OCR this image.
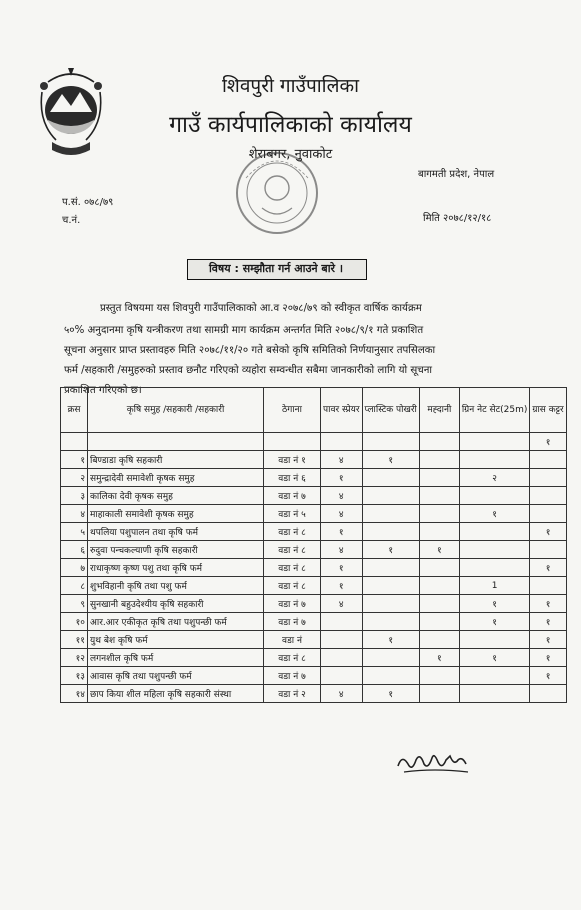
शिवपुरी गाउँपालिका
गाउँ कार्यपालिकाको कार्यालय
शेराबगर, नुवाकोट
बागमती प्रदेश, नेपाल
प.सं. ०७८/७९
च.नं.	मिति २०७८/१२/१८
विषय : सम्झौता गर्न आउने बारे ।
प्रस्तुत विषयमा यस शिवपुरी गाउँपालिकाको आ.व २०७८/७९ को स्वीकृत वार्षिक कार्यक्रम
५०% अनुदानमा कृषि यन्त्रीकरण तथा सामग्री माग कार्यक्रम अन्तर्गत मिति २०७८/९/१ गते प्रकाशित
सूचना अनुसार प्राप्त प्रस्तावहरु मिति २०७८/११/२० गते बसेको कृषि समितिको निर्णयानुसार तपसिलका
फर्म /सहकारी /समुहरुको प्रस्ताव छनौट गरिएको व्यहोरा सम्वन्धीत सबैमा जानकारीको लागि यो सूचना
प्रकाशित गरिएको छ।
क्रस	कृषि समुह /सहकारी /सहकारी	ठेगाना	पावर स्प्रेयर	प्लास्टिक पोखरी	मह्दानी	ग्रिन नेट सेट(25m)	ग्रास कट्टर
							१
१	बिण्डाडा कृषि सहकारी	वडा नं १	४	१			
२	समुन्द्रादेवी समावेशी कृषक समुह	वडा नं ६	१			२	
३	कालिका देवी कृषक समुह	वडा नं ७	४				
४	माहाकाली समावेशी कृषक समुह	वडा नं ५	४			१	
५	थपलिया पशुपालन तथा कृषि फर्म	वडा नं ८	१				१
६	रुदुवा पन्चकल्याणी कृषि सहकारी	वडा नं ८	४	१	१		
७	राधाकृष्ण कृष्ण पशु तथा कृषि फर्म	वडा नं ८	१				१
८	शुभविहानी कृषि तथा पशु फर्म	वडा नं ८	१			1	
९	सुनखानी बहुउदेश्यीय कृषि सहकारी	वडा नं ७	४			१	१
१०	आर.आर एकीकृत कृषि तथा पशुपन्छी फर्म	वडा नं ७				१	१
११	युथ बेश कृषि फर्म	वडा नं		१			१
१२	लगनशील कृषि फर्म	वडा नं ८			१	१	१
१३	आवास कृषि तथा पशुपन्छी फर्म	वडा नं ७					१
१४	छाप किया शील महिला कृषि सहकारी संस्था	वडा नं २	४	१			
